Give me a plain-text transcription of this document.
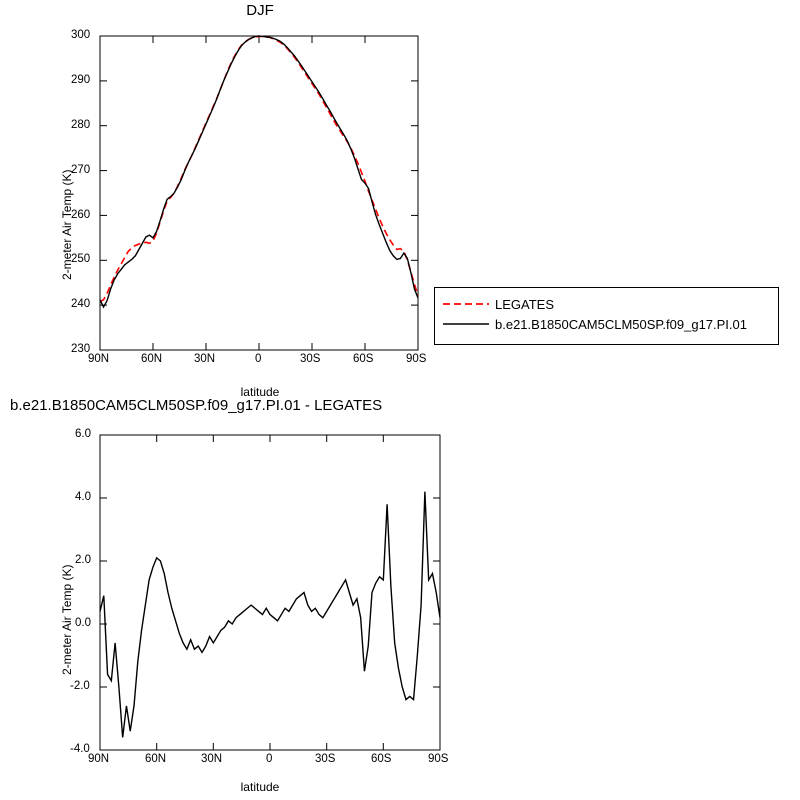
DJF
2-meter Air Temp (K)
latitude
230
240
250
260
270
280
290
300
90N	60N	30N	0	30S	60S	90S
LEGATES
b.e21.B1850CAM5CLM50SP.f09_g17.PI.01
b.e21.B1850CAM5CLM50SP.f09_g17.PI.01 - LEGATES
2-meter Air Temp (K)
latitude
-4.0
-2.0
0.0
2.0
4.0
6.0
90N	60N	30N	0	30S	60S	90S
